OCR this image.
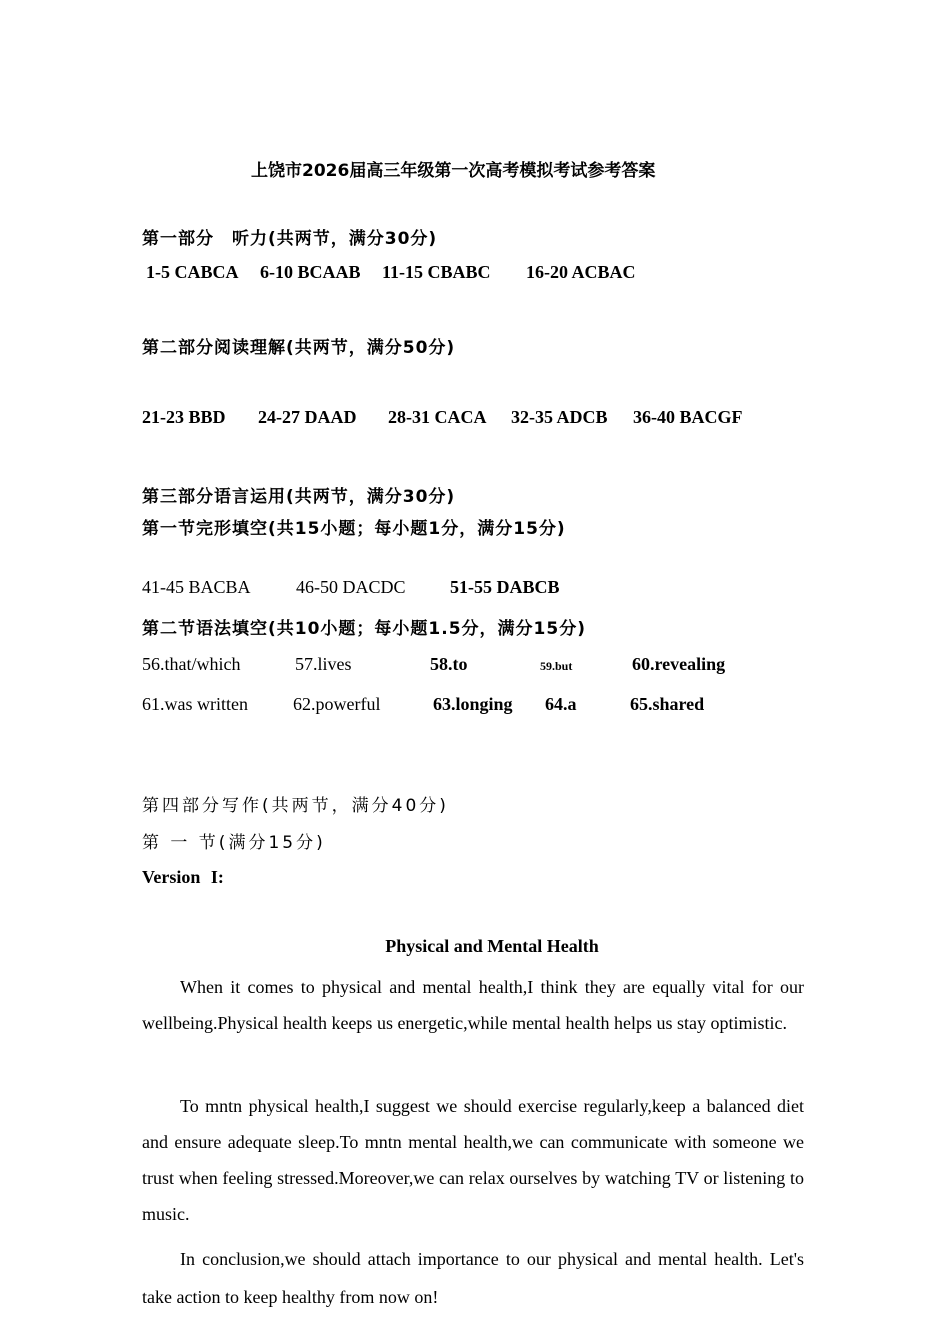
上饶市2026届高三年级第一次高考模拟考试参考答案
第一部分　听力(共两节，满分30分)
1-5 CABCA 6-10 BCAAB 11-15 CBABC 16-20 ACBAC
第二部分阅读理解(共两节，满分50分)
21-23 BBD 24-27 DAAD 28-31 CACA 32-35 ADCB 36-40 BACGF
第三部分语言运用(共两节，满分30分)
第一节完形填空(共15小题；每小题1分，满分15分)
41-45 BACBA	46-50 DACDC 51-55 DABCB
第二节语法填空(共10小题；每小题1.5分，满分15分)
56.that/which	57.lives	58.to	59.but	60.revealing
61.was written	62.powerful	63.longing 64.a	65.shared
第四部分写作(共两节，满分40分)
第 一 节(满分15分)
Version I:
Physical and Mental Health

When it comes to physical and mental health,I think they are equally vital for our wellbeing.Physical health keeps us energetic,while mental health helps us stay optimistic.

To mntn physical health,I suggest we should exercise regularly,keep a balanced diet and ensure adequate sleep.To mntn mental health,we can communicate with someone we trust when feeling stressed.Moreover,we can relax ourselves by watching TV or listening to music.

In conclusion,we should attach importance to our physical and mental health. Let's take action to keep healthy from now on!
